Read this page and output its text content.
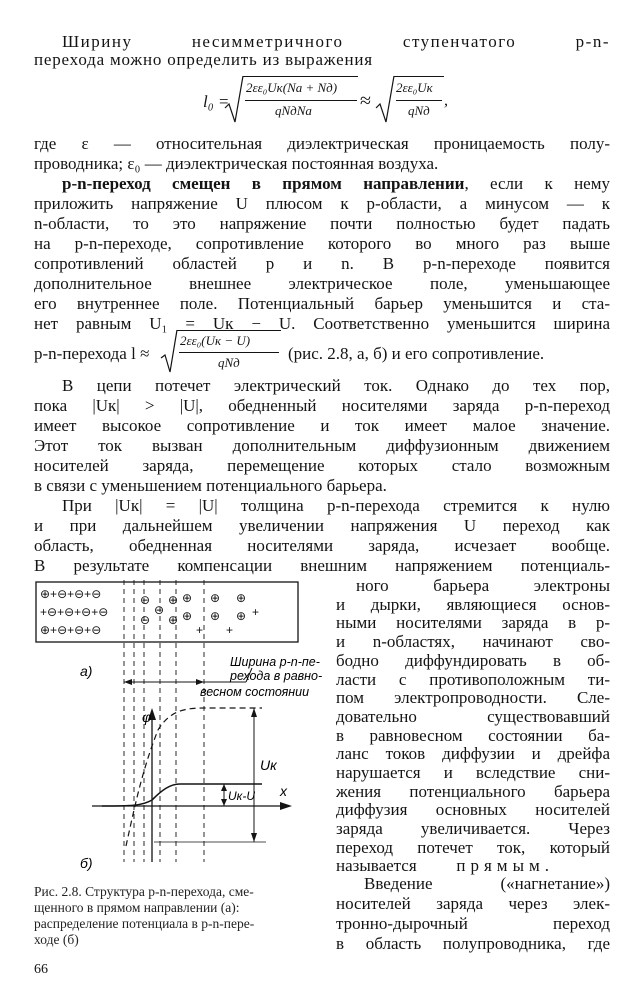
Ширину несимметричного ступенчатого p-n-
перехода можно определить из выражения
l₀ =
2εε₀Uк(Na + Nд)
qNдNa ≈
2εε₀Uк
qNд
,
где ε — относительная диэлектрическая проницаемость полу-
проводника; ε₀ — диэлектрическая постоянная воздуха.
p-n-переход смещен в прямом направлении, если к нему
приложить напряжение U плюсом к p-области, а минусом — к
n-области, то это напряжение почти полностью будет падать
на p-n-переходе, сопротивление которого во много раз выше
сопротивлений областей p и n. В p-n-переходе появится
дополнительное внешнее электрическое поле, уменьшающее
его внутреннее поле. Потенциальный барьер уменьшится и ста-
нет равным U₁ = Uк − U. Соответственно уменьшится ширина
p-n-перехода l ≈
2εε₀(Uк − U)
qNд	(рис. 2.8, а, б) и его сопротивление.
В цепи потечет электрический ток. Однако до тех пор,
пока |Uк| > |U|, обедненный носителями заряда p-n-переход
имеет высокое сопротивление и ток имеет малое значение.
Этот ток вызван дополнительным диффузионным движением
носителей заряда, перемещение которых стало возможным
в связи с уменьшением потенциального барьера.
При |Uк| = |U| толщина p-n-перехода стремится к нулю
и при дальнейшем увеличении напряжения U переход как
область, обедненная носителями заряда, исчезает вообще.
В результате компенсации внешним напряжением потенциаль-
ного барьера электроны
и дырки, являющиеся основ-
ными носителями заряда в p-
и n-областях, начинают сво-
бодно диффундировать в об-
ласти с противоположным ти-
пом электропроводности. Сле-
довательно существовавший
в равновесном состоянии ба-
ланс токов диффузии и дрейфа
нарушается и вследствие сни-
жения потенциального барьера
диффузия основных носителей
заряда увеличивается. Через
переход потечет ток, который
называется прямым.
Введение («нагнетание»)
носителей заряда через элек-
тронно-дырочный переход
в область полупроводника, где
⊕+⊖+⊖+⊖
+⊖+⊖+⊖+⊖
⊕+⊖+⊖+⊖
⊖
⊖
⊖
⊕
⊕
⊕ ⊕ ⊕
+
⊕ ⊕ ⊕
+ +
а)
Ширина p-n-пе-
рехода в равно-
весном состоянии
φ
x
Uк
Uк-U
б)
Рис. 2.8. Структура p-n-перехода, сме-
щенного в прямом направлении (а):
распределение потенциала в p-n-пере-
ходе (б)
66
